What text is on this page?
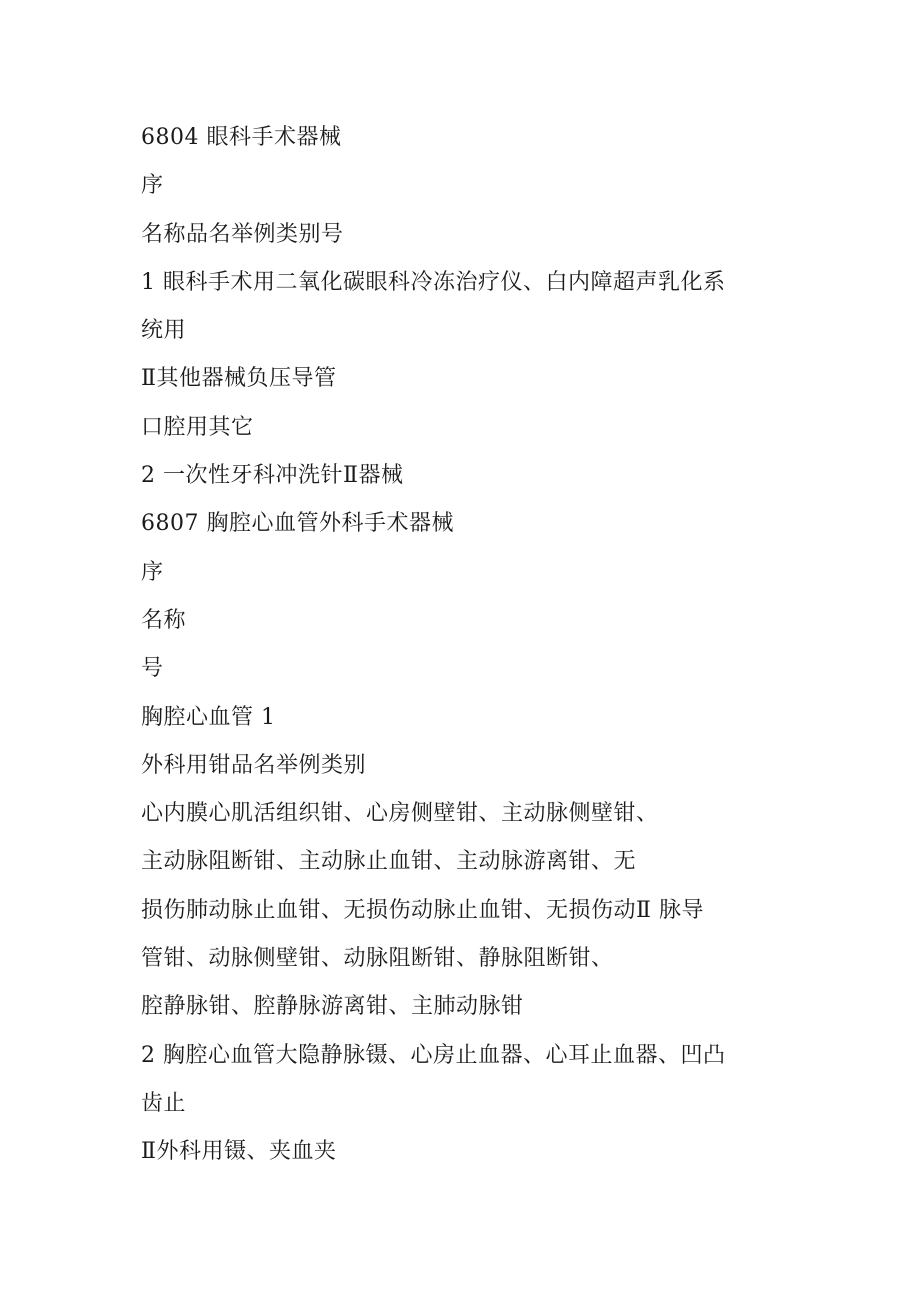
6804 眼科手术器械
序
名称品名举例类别号
1 眼科手术用二氧化碳眼科冷冻治疗仪、白内障超声乳化系
统用
Ⅱ其他器械负压导管
口腔用其它
2 一次性牙科冲洗针Ⅱ器械
6807 胸腔心血管外科手术器械
序
名称
号
胸腔心血管 1
外科用钳品名举例类别
心内膜心肌活组织钳、心房侧壁钳、主动脉侧壁钳、
主动脉阻断钳、主动脉止血钳、主动脉游离钳、无
损伤肺动脉止血钳、无损伤动脉止血钳、无损伤动Ⅱ 脉导
管钳、动脉侧壁钳、动脉阻断钳、静脉阻断钳、
腔静脉钳、腔静脉游离钳、主肺动脉钳
2 胸腔心血管大隐静脉镊、心房止血器、心耳止血器、凹凸
齿止
Ⅱ外科用镊、夹血夹
